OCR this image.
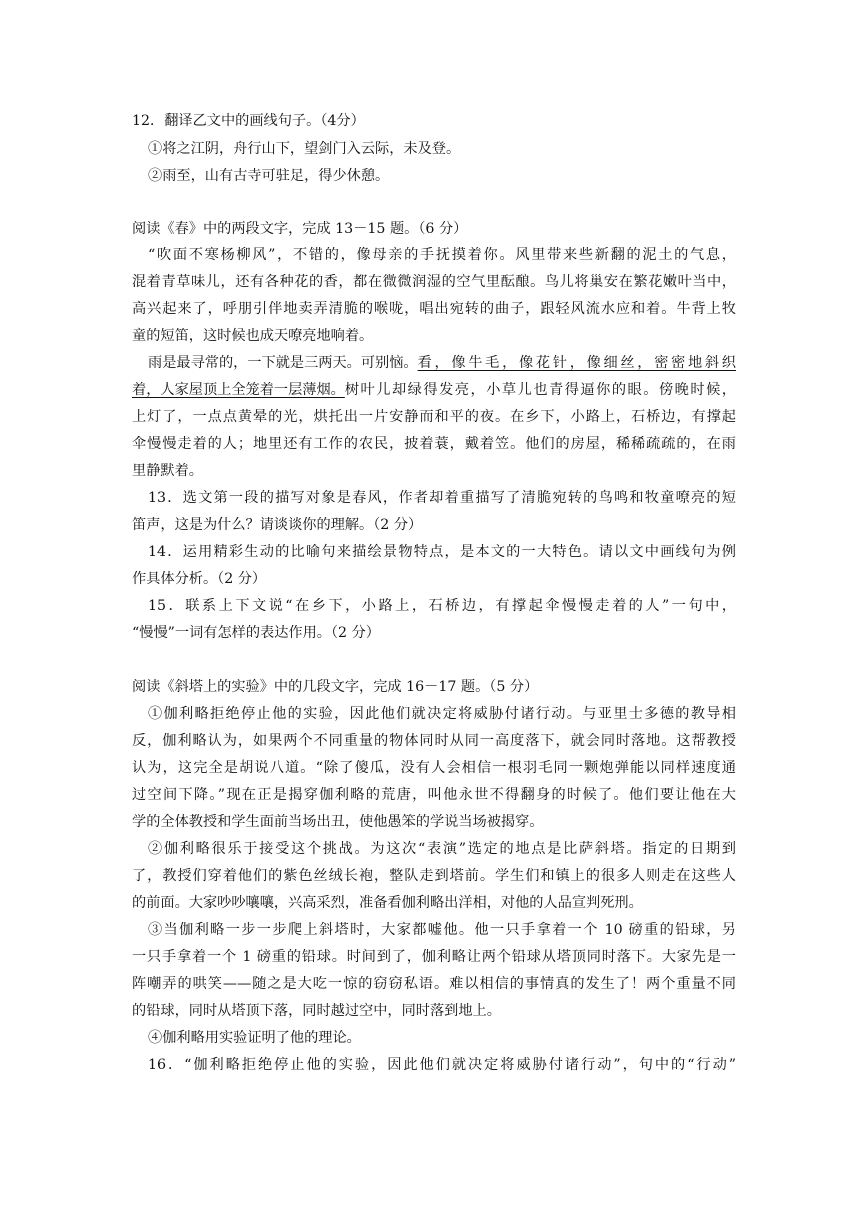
12．翻译乙文中的画线句子。（4分）
①将之江阴，舟行山下，望剑门入云际，未及登。
②雨至，山有古寺可驻足，得少休憩。
阅读《春》中的两段文字，完成 13－15 题。（6 分）
“吹面不寒杨柳风”，不错的，像母亲的手抚摸着你。风里带来些新翻的泥土的气息，
混着青草味儿，还有各种花的香，都在微微润湿的空气里酝酿。鸟儿将巢安在繁花嫩叶当中，
高兴起来了，呼朋引伴地卖弄清脆的喉咙，唱出宛转的曲子，跟轻风流水应和着。牛背上牧
童的短笛，这时候也成天嘹亮地响着。
雨是最寻常的，一下就是三两天。可别恼。 看，像牛毛，像花针，像细丝，密密地斜织
着，人家屋顶上全笼着一层薄烟。 树叶儿却绿得发亮，小草儿也青得逼你的眼。傍晚时候，
上灯了，一点点黄晕的光，烘托出一片安静而和平的夜。在乡下，小路上，石桥边，有撑起
伞慢慢走着的人；地里还有工作的农民，披着蓑，戴着笠。他们的房屋，稀稀疏疏的，在雨
里静默着。
13．选文第一段的描写对象是春风，作者却着重描写了清脆宛转的鸟鸣和牧童嘹亮的短
笛声，这是为什么？请谈谈你的理解。（2 分）
14．运用精彩生动的比喻句来描绘景物特点，是本文的一大特色。请以文中画线句为例
作具体分析。（2 分）
15．联系上下文说“在乡下，小路上，石桥边，有撑起伞慢慢走着的人”一句中，
“慢慢”一词有怎样的表达作用。（2 分）
阅读《斜塔上的实验》中的几段文字，完成 16－17 题。（5 分）
①伽利略拒绝停止他的实验，因此他们就决定将威胁付诸行动。与亚里士多德的教导相
反，伽利略认为，如果两个不同重量的物体同时从同一高度落下，就会同时落地。这帮教授
认为，这完全是胡说八道。“除了傻瓜，没有人会相信一根羽毛同一颗炮弹能以同样速度通
过空间下降。”现在正是揭穿伽利略的荒唐，叫他永世不得翻身的时候了。他们要让他在大
学的全体教授和学生面前当场出丑，使他愚笨的学说当场被揭穿。
②伽利略很乐于接受这个挑战。为这次“表演”选定的地点是比萨斜塔。指定的日期到
了，教授们穿着他们的紫色丝绒长袍，整队走到塔前。学生们和镇上的很多人则走在这些人
的前面。大家吵吵嚷嚷，兴高采烈，准备看伽利略出洋相，对他的人品宣判死刑。
③当伽利略一步一步爬上斜塔时，大家都嘘他。他一只手拿着一个 10 磅重的铅球，另
一只手拿着一个 1 磅重的铅球。时间到了，伽利略让两个铅球从塔顶同时落下。大家先是一
阵嘲弄的哄笑——随之是大吃一惊的窃窃私语。难以相信的事情真的发生了！两个重量不同
的铅球，同时从塔顶下落，同时越过空中，同时落到地上。
④伽利略用实验证明了他的理论。
16．“伽利略拒绝停止他的实验，因此他们就决定将威胁付诸行动”，句中的“行动”
